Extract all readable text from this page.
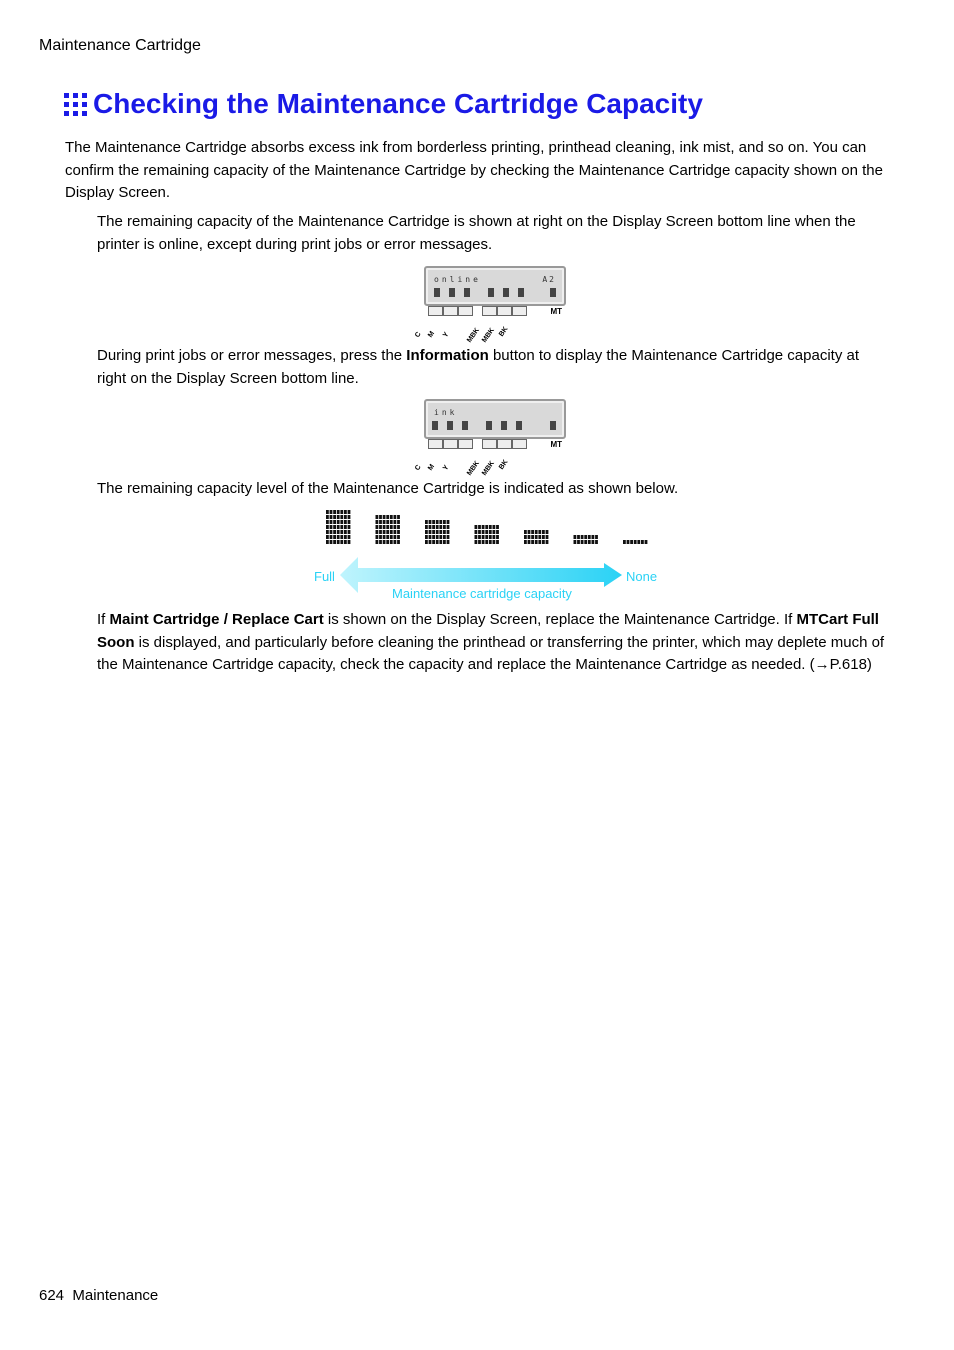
Maintenance Cartridge
Checking the Maintenance Cartridge Capacity
The Maintenance Cartridge absorbs excess ink from borderless printing, printhead cleaning, ink mist, and so on. You can confirm the remaining capacity of the Maintenance Cartridge by checking the Maintenance Cartridge capacity shown on the Display Screen.
The remaining capacity of the Maintenance Cartridge is shown at right on the Display Screen bottom line when the printer is online, except during print jobs or error messages.
online	A2
MT
C M Y MBK MBK BK
During print jobs or error messages, press the Information button to display the Maintenance Cartridge capacity at right on the Display Screen bottom line.
ink
MT
C M Y MBK MBK BK
The remaining capacity level of the Maintenance Cartridge is indicated as shown below.
Full	None
Maintenance cartridge capacity
If Maint Cartridge / Replace Cart is shown on the Display Screen, replace the Maintenance Cartridge. If MTCart Full Soon is displayed, and particularly before cleaning the printhead or transferring the printer, which may deplete much of the Maintenance Cartridge capacity, check the capacity and replace the Maintenance Cartridge as needed. (→P.618)
624 Maintenance
